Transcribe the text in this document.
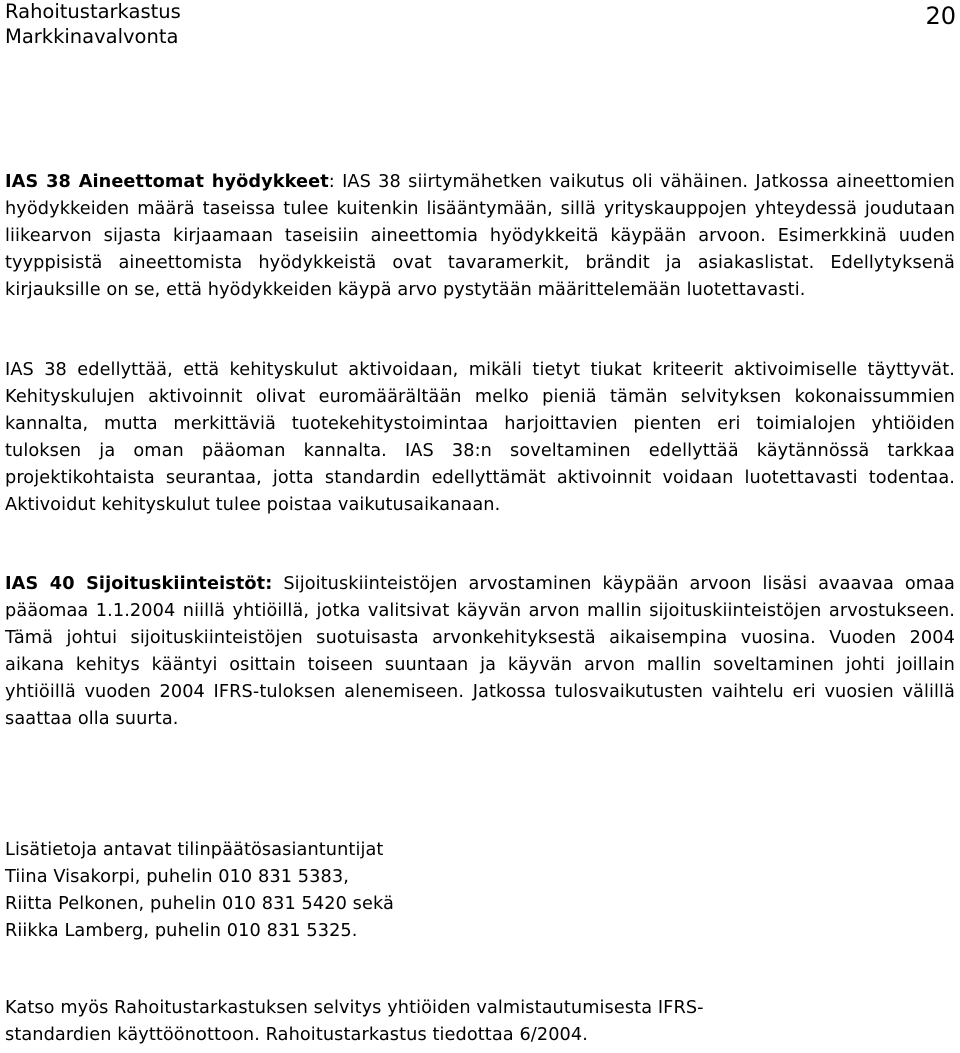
Rahoitustarkastus
Markkinavalvonta
20

IAS 38 Aineettomat hyödykkeet: IAS 38 siirtymähetken vaikutus oli vähäinen. Jatkossa aineettomien hyödykkeiden määrä taseissa tulee kuitenkin lisääntymään, sillä yrityskauppojen yhteydessä joudutaan liikearvon sijasta kirjaamaan taseisiin aineettomia hyödykkeitä käypään arvoon. Esimerkkinä uuden tyyppisistä aineettomista hyödykkeistä ovat tavaramerkit, brändit ja asiakaslistat. Edellytyksenä kirjauksille on se, että hyödykkeiden käypä arvo pystytään määrittelemään luotettavasti.

IAS 38 edellyttää, että kehityskulut aktivoidaan, mikäli tietyt tiukat kriteerit aktivoimiselle täyttyvät. Kehityskulujen aktivoinnit olivat euromäärältään melko pieniä tämän selvityksen kokonaissummien kannalta, mutta merkittäviä tuotekehitystoimintaa harjoittavien pienten eri toimialojen yhtiöiden tuloksen ja oman pääoman kannalta. IAS 38:n soveltaminen edellyttää käytännössä tarkkaa projektikohtaista seurantaa, jotta standardin edellyttämät aktivoinnit voidaan luotettavasti todentaa. Aktivoidut kehityskulut tulee poistaa vaikutusaikanaan.

IAS 40 Sijoituskiinteistöt: Sijoituskiinteistöjen arvostaminen käypään arvoon lisäsi avaavaa omaa pääomaa 1.1.2004 niillä yhtiöillä, jotka valitsivat käyvän arvon mallin sijoituskiinteistöjen arvostukseen. Tämä johtui sijoituskiinteistöjen suotuisasta arvonkehityksestä aikaisempina vuosina. Vuoden 2004 aikana kehitys kääntyi osittain toiseen suuntaan ja käyvän arvon mallin soveltaminen johti joillain yhtiöillä vuoden 2004 IFRS-tuloksen alenemiseen. Jatkossa tulosvaikutusten vaihtelu eri vuosien välillä saattaa olla suurta.

Lisätietoja antavat tilinpäätösasiantuntijat
Tiina Visakorpi, puhelin 010 831 5383,
Riitta Pelkonen, puhelin 010 831 5420 sekä
Riikka Lamberg, puhelin 010 831 5325.
Katso myös Rahoitustarkastuksen selvitys yhtiöiden valmistautumisesta IFRS-
standardien käyttöönottoon. Rahoitustarkastus tiedottaa 6/2004.
